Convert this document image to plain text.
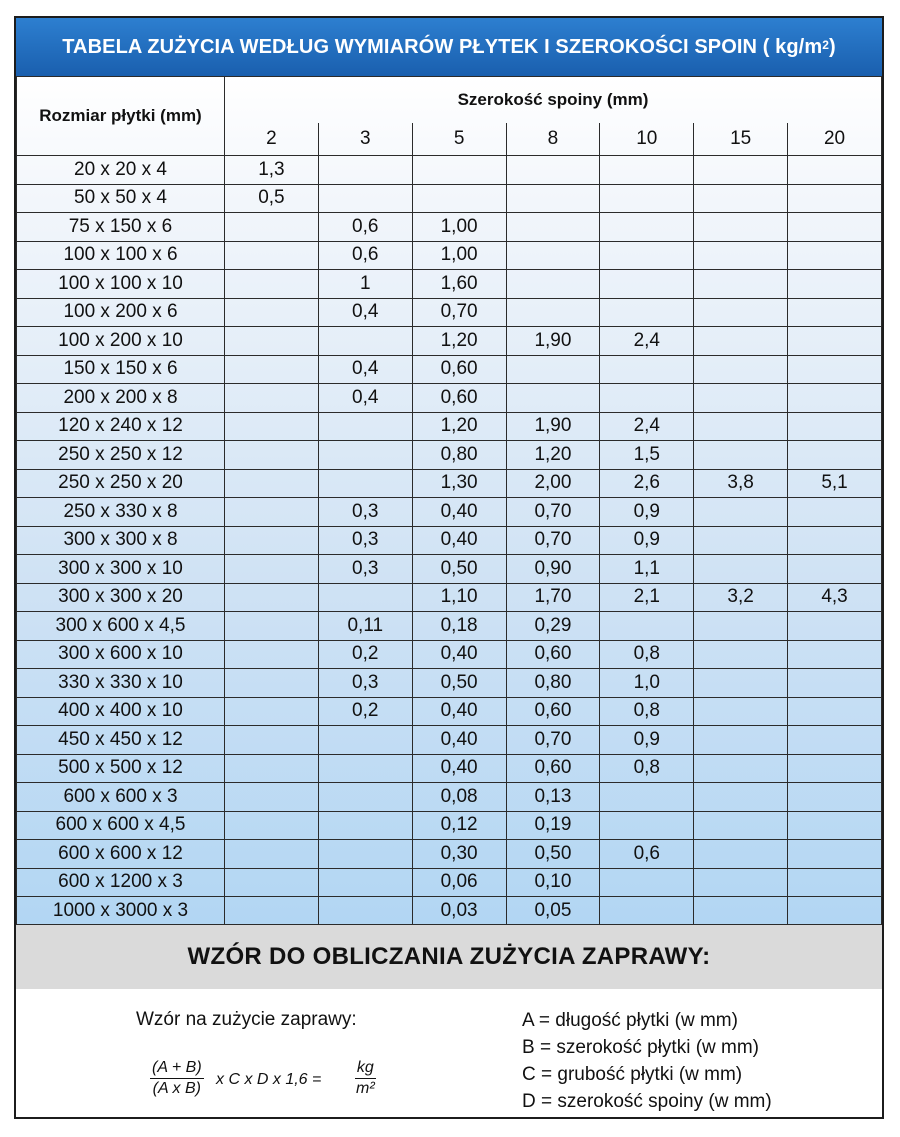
TABELA ZUŻYCIA WEDŁUG WYMIARÓW PŁYTEK I SZEROKOŚCI SPOIN ( $kg/m^2$ )
Rozmiar płytki (mm)	Szerokość spoiny (mm)						
	2	3	5	8	10	15	20
20 x 20 x 4	1,3						
50 x 50 x 4	0,5						
75 x 150 x 6		0,6	1,00				
100 x 100 x 6		0,6	1,00				
100 x 100 x 10		1	1,60				
100 x 200 x 6		0,4	0,70				
100 x 200 x 10			1,20	1,90	2,4		
150 x 150 x 6		0,4	0,60				
200 x 200 x 8		0,4	0,60				
120 x 240 x 12			1,20	1,90	2,4		
250 x 250 x 12			0,80	1,20	1,5		
250 x 250 x 20			1,30	2,00	2,6	3,8	5,1
250 x 330 x 8		0,3	0,40	0,70	0,9		
300 x 300 x 8		0,3	0,40	0,70	0,9		
300 x 300 x 10		0,3	0,50	0,90	1,1		
300 x 300 x 20			1,10	1,70	2,1	3,2	4,3
300 x 600 x 4,5		0,11	0,18	0,29			
300 x 600 x 10		0,2	0,40	0,60	0,8		
330 x 330 x 10		0,3	0,50	0,80	1,0		
400 x 400 x 10		0,2	0,40	0,60	0,8		
450 x 450 x 12			0,40	0,70	0,9		
500 x 500 x 12			0,40	0,60	0,8		
600 x 600 x 3			0,08	0,13			
600 x 600 x 4,5			0,12	0,19			
600 x 600 x 12			0,30	0,50	0,6		
600 x 1200 x 3			0,06	0,10			
1000 x 3000 x 3			0,03	0,05			
WZÓR DO OBLICZANIA ZUŻYCIA ZAPRAWY:
Wzór na zużycie zaprawy:
$\frac{(A + B)}{\text{(A x B)}}$ x C x D x $1,6 = \frac{kg}{\text{m²}}$
A = długość płytki (w mm)
B = szerokość płytki (w mm)
C = grubość płytki (w mm)
D = szerokość spoiny (w mm)
